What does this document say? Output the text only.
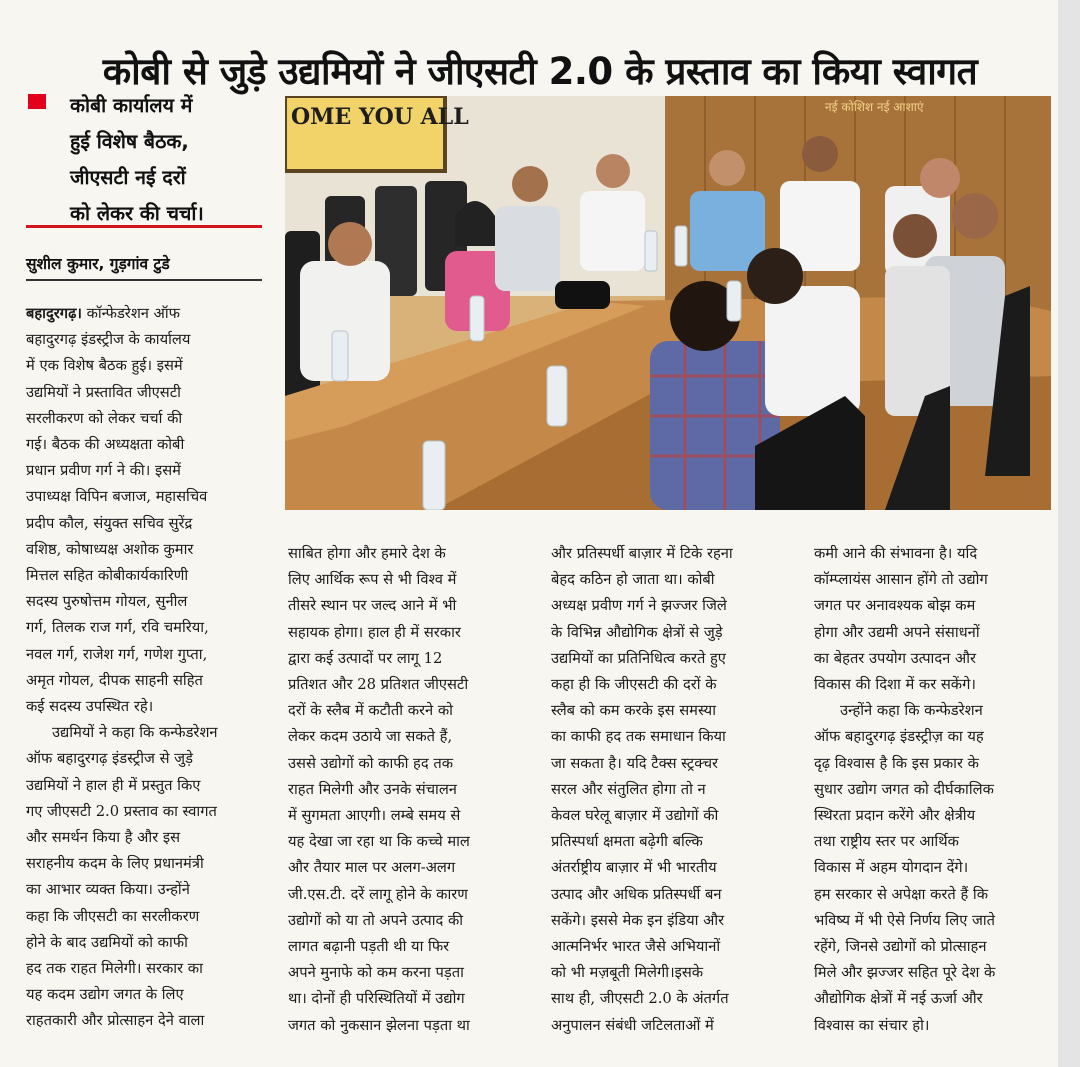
कोबी से जुड़े उद्यमियों ने जीएसटी 2.0 के प्रस्ताव का किया स्वागत
कोबी कार्यालय में
हुई विशेष बैठक,
जीएसटी नई दरों
को लेकर की चर्चा।
सुशील कुमार, गुड़गांव टुडे
OME YOU ALL	नई कोशिश नई आशाएं
बहादुरगढ़। कॉन्फेडरेशन ऑफ
बहादुरगढ़ इंडस्ट्रीज के कार्यालय
में एक विशेष बैठक हुई। इसमें
उद्यमियों ने प्रस्तावित जीएसटी
सरलीकरण को लेकर चर्चा की
गई। बैठक की अध्यक्षता कोबी
प्रधान प्रवीण गर्ग ने की। इसमें
उपाध्यक्ष विपिन बजाज, महासचिव
प्रदीप कौल, संयुक्त सचिव सुरेंद्र
वशिष्ठ, कोषाध्यक्ष अशोक कुमार
मित्तल सहित कोबीकार्यकारिणी
सदस्य पुरुषोत्तम गोयल, सुनील
गर्ग, तिलक राज गर्ग, रवि चमरिया,
नवल गर्ग, राजेश गर्ग, गणेश गुप्ता,
अमृत गोयल, दीपक साहनी सहित
कई सदस्य उपस्थित रहे।
उद्यमियों ने कहा कि कन्फेडरेशन
ऑफ बहादुरगढ़ इंडस्ट्रीज से जुड़े
उद्यमियों ने हाल ही में प्रस्तुत किए
गए जीएसटी 2.0 प्रस्ताव का स्वागत
और समर्थन किया है और इस
सराहनीय कदम के लिए प्रधानमंत्री
का आभार व्यक्त किया। उन्होंने
कहा कि जीएसटी का सरलीकरण
होने के बाद उद्यमियों को काफी
हद तक राहत मिलेगी। सरकार का
यह कदम उद्योग जगत के लिए
राहतकारी और प्रोत्साहन देने वाला
साबित होगा और हमारे देश के
लिए आर्थिक रूप से भी विश्व में
तीसरे स्थान पर जल्द आने में भी
सहायक होगा। हाल ही में सरकार
द्वारा कई उत्पादों पर लागू 12
प्रतिशत और 28 प्रतिशत जीएसटी
दरों के स्लैब में कटौती करने को
लेकर कदम उठाये जा सकते हैं,
उससे उद्योगों को काफी हद तक
राहत मिलेगी और उनके संचालन
में सुगमता आएगी। लम्बे समय से
यह देखा जा रहा था कि कच्चे माल
और तैयार माल पर अलग-अलग
जी.एस.टी. दरें लागू होने के कारण
उद्योगों को या तो अपने उत्पाद की
लागत बढ़ानी पड़ती थी या फिर
अपने मुनाफे को कम करना पड़ता
था। दोनों ही परिस्थितियों में उद्योग
जगत को नुकसान झेलना पड़ता था
और प्रतिस्पर्धी बाज़ार में टिके रहना
बेहद कठिन हो जाता था। कोबी
अध्यक्ष प्रवीण गर्ग ने झज्जर जिले
के विभिन्न औद्योगिक क्षेत्रों से जुड़े
उद्यमियों का प्रतिनिधित्व करते हुए
कहा ही कि जीएसटी की दरों के
स्लैब को कम करके इस समस्या
का काफी हद तक समाधान किया
जा सकता है। यदि टैक्स स्ट्रक्चर
सरल और संतुलित होगा तो न
केवल घरेलू बाज़ार में उद्योगों की
प्रतिस्पर्धा क्षमता बढ़ेगी बल्कि
अंतर्राष्ट्रीय बाज़ार में भी भारतीय
उत्पाद और अधिक प्रतिस्पर्धी बन
सकेंगे। इससे मेक इन इंडिया और
आत्मनिर्भर भारत जैसे अभियानों
को भी मज़बूती मिलेगी।इसके
साथ ही, जीएसटी 2.0 के अंतर्गत
अनुपालन संबंधी जटिलताओं में
कमी आने की संभावना है। यदि
कॉम्प्लायंस आसान होंगे तो उद्योग
जगत पर अनावश्यक बोझ कम
होगा और उद्यमी अपने संसाधनों
का बेहतर उपयोग उत्पादन और
विकास की दिशा में कर सकेंगे।
उन्होंने कहा कि कन्फेडरेशन
ऑफ बहादुरगढ़ इंडस्ट्रीज़ का यह
दृढ़ विश्वास है कि इस प्रकार के
सुधार उद्योग जगत को दीर्घकालिक
स्थिरता प्रदान करेंगे और क्षेत्रीय
तथा राष्ट्रीय स्तर पर आर्थिक
विकास में अहम योगदान देंगे।
हम सरकार से अपेक्षा करते हैं कि
भविष्य में भी ऐसे निर्णय लिए जाते
रहेंगे, जिनसे उद्योगों को प्रोत्साहन
मिले और झज्जर सहित पूरे देश के
औद्योगिक क्षेत्रों में नई ऊर्जा और
विश्वास का संचार हो।
